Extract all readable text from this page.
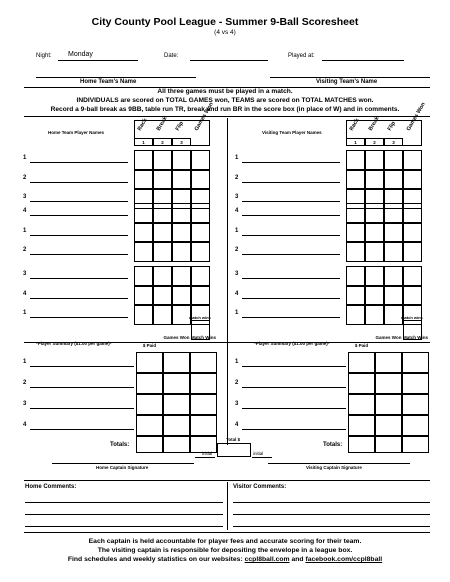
City County Pool League - Summer 9-Ball Scoresheet
(4 vs 4)
Night: Monday	Date:	Played at:
Home Team's Name	Visiting Team's Name
All three games must be played in a match.
INDIVIDUALS are scored on TOTAL GAMES won, TEAMS are scored on TOTAL MATCHES won.
Record a 9-ball break as 9BB, table run TR, break and run BR in the score box (in place of W) and in comments.
Home Team Player Names
Rack Break Flip Games Won
1	2	3
1
2
3
4
1
2
3
4
1
match wins
Visiting Team Player Names
Rack Break Flip Games Won
1	2	3
1
2
3
4
1
2
3
4
1
match wins
*Player Summary ($1.00 per game)*	$ Paid
Games Won Match Wins
1
2
3
4
Totals:
*Player Summary ($1.00 per game)*	$ Paid
Games Won Match Wins
1
2
3
4
Totals:
Total $
initial	initial
Home Captain Signature	Visiting Captain Signature
Home Comments:	Visitor Comments:
Each captain is held accountable for player fees and accurate scoring for their team.
The visiting captain is responsible for depositing the envelope in a league box.
Find schedules and weekly statistics on our websites: ccpl8ball.com and facebook.com/ccpl8ball
